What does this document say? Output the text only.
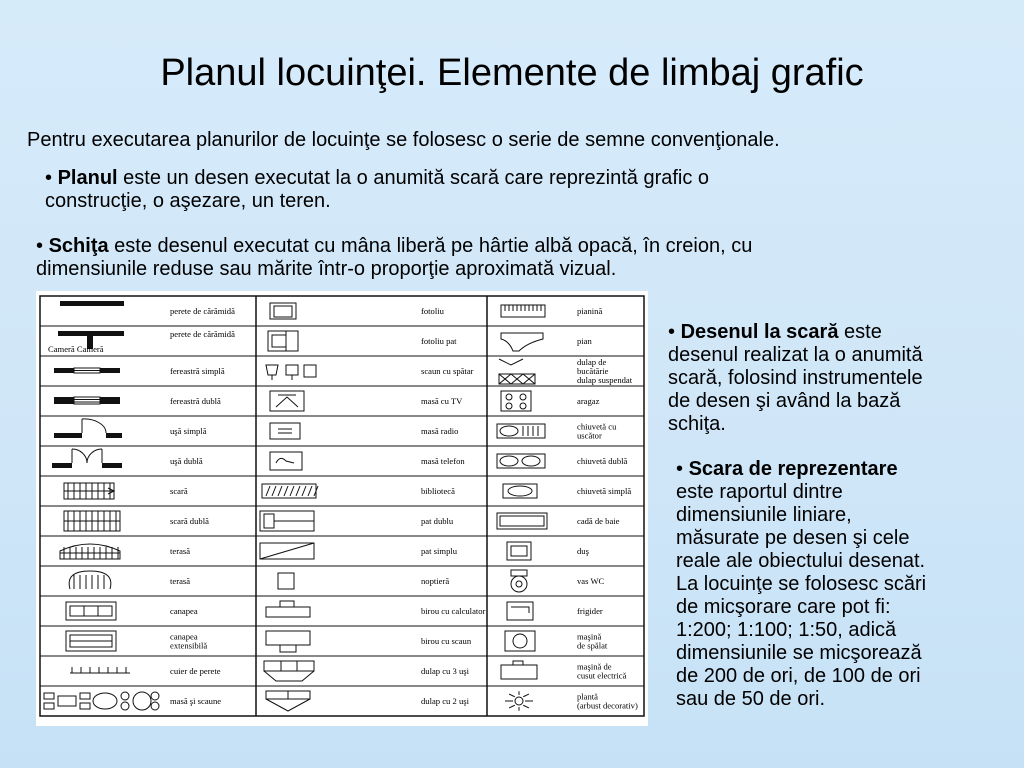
Planul locuinţei. Elemente de limbaj grafic
Pentru executarea planurilor de locuinţe se folosesc o serie de semne convenţionale.
• Planul este un desen executat la o anumită scară care reprezintă grafic o
construcţie, o aşezare, un teren.
• Schiţa este desenul executat cu mâna liberă pe hârtie albă opacă, în creion, cu
dimensiunile reduse sau mărite într-o proporţie aproximată vizual.
• Desenul la scară este
desenul realizat la o anumită
scară, folosind instrumentele
de desen şi având la bază
schiţa.
• Scara de reprezentare
este raportul dintre
dimensiunile liniare,
măsurate pe desen şi cele
reale ale obiectului desenat.
La locuinţe se folosesc scări
de micşorare care pot fi:
1:200; 1:100; 1:50, adică
dimensiunile se micşorează
de 200 de ori, de 100 de ori
sau de 50 de ori.
perete de cărămidă
perete de cărămidă
Cameră Cameră
fereastră simplă
fereastră dublă
uşă simplă
uşă dublă
scară
scară dublă
terasă
terasă
canapea
canapea
extensibilă
cuier de perete
masă şi scaune
fotoliu
fotoliu pat
scaun cu spătar
masă cu TV
masă radio
masă telefon
bibliotecă
pat dublu
pat simplu
noptieră
birou cu calculator
birou cu scaun
dulap cu 3 uşi
dulap cu 2 uşi
pianină
pian
dulap de
bucătărie
dulap suspendat
aragaz
chiuvetă cu
uscător
chiuvetă dublă
chiuvetă simplă
cadă de baie
duş
vas WC
frigider
maşină
de spălat
maşină de
cusut electrică
plantă
(arbust decorativ)
